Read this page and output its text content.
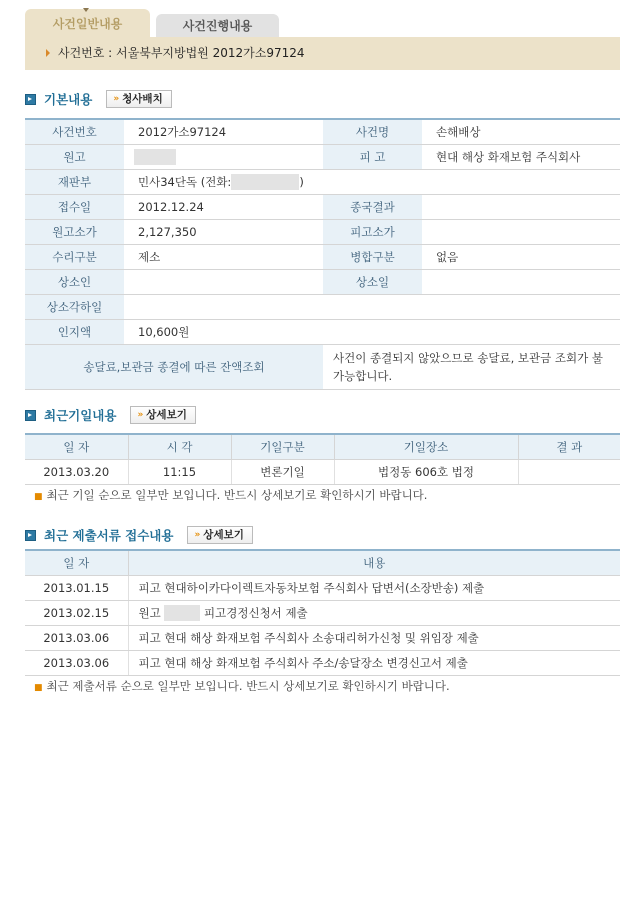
사건일반내용	사건진행내용
사건번호 : 서울북부지방법원 2012가소97124
기본내용 » 청사배치
사건번호	2012가소97124	사건명	손해배상
원고		피 고	현대 해상 화재보험 주식회사
재판부	민사34단독 (전화: )		
접수일	2012.12.24	종국결과	
원고소가	2,127,350	피고소가	
수리구분	제소	병합구분	없음
상소인		상소일	
상소각하일			
인지액	10,600원		
송달료,보관금 종결에 따른 잔액조회		사건이 종결되지 않았으므로 송달료, 보관금 조회가 불가능합니다.	
최근기일내용 » 상세보기
일 자	시 각	기일구분	기일장소	결 과
2013.03.20	11:15	변론기일	법정동 606호 법정	
■ 최근 기일 순으로 일부만 보입니다. 반드시 상세보기로 확인하시기 바랍니다.
최근 제출서류 접수내용 » 상세보기
일 자	내용
2013.01.15	피고 현대하이카다이렉트자동차보험 주식회사 답변서(소장반송) 제출
2013.02.15	원고 피고경정신청서 제출
2013.03.06	피고 현대 해상 화재보험 주식회사 소송대리허가신청 및 위임장 제출
2013.03.06	피고 현대 해상 화재보험 주식회사 주소/송달장소 변경신고서 제출
■ 최근 제출서류 순으로 일부만 보입니다. 반드시 상세보기로 확인하시기 바랍니다.
